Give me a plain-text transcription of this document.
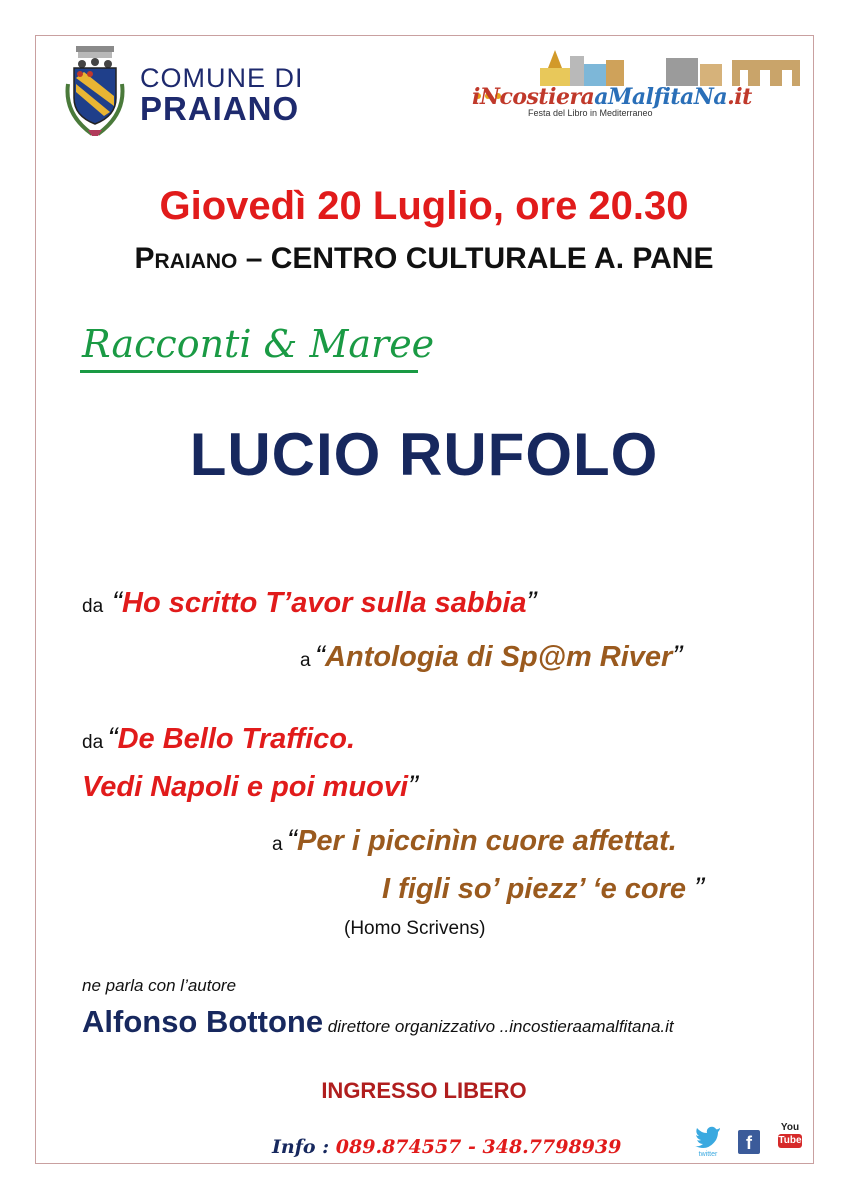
COMUNE DI
PRAIANO	iNcostieraaMalfitaNa.it
Festa del Libro in Mediterraneo
Giovedì 20 Luglio, ore 20.30
Praiano – CENTRO CULTURALE A. PANE
Racconti & Maree
LUCIO RUFOLO
da “Ho scritto T’avor sulla sabbia”
a “Antologia di Sp@m River”
da “De Bello Traffico.
Vedi Napoli e poi muovi”
a “Per i piccinìn cuore affettat.
I figli so’ piezz’ ‘e core ”
(Homo Scrivens)
ne parla con l’autore
Alfonso Bottone direttore organizzativo ..incostieraamalfitana.it
INGRESSO LIBERO
Info : 089.874557 - 348.7798939	twitter
f
You
Tube
